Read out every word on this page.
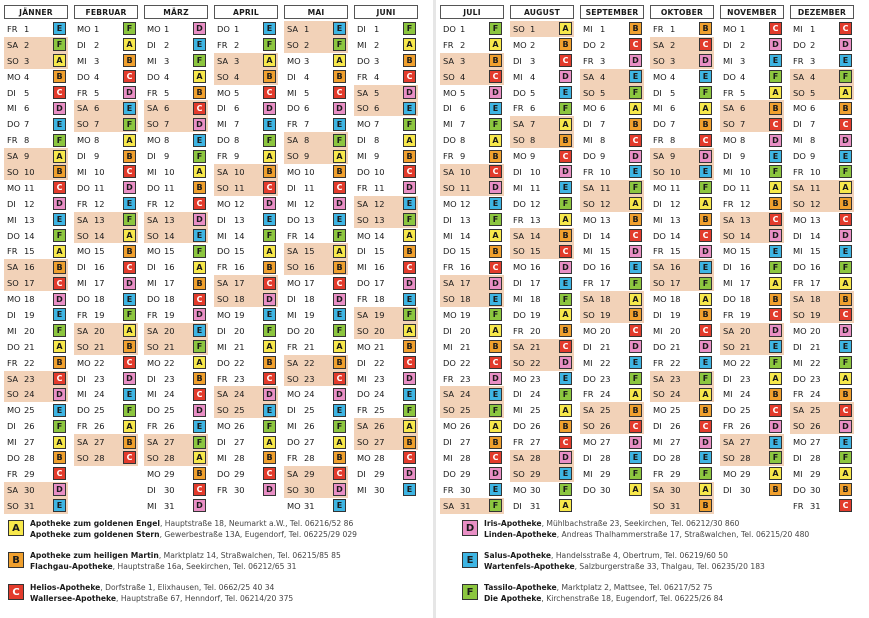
JÄNNER
FR 1	E
SA 2	F
SO 3	A
MO 4	B
DI 5	C
MI 6	D
DO 7	E
FR 8	F
SA 9	A
SO 10	B
MO 11	C
DI 12	D
MI 13	E
DO 14	F
FR 15	A
SA 16	B
SO 17	C
MO 18	D
DI 19	E
MI 20	F
DO 21	A
FR 22	B
SA 23	C
SO 24	D
MO 25	E
DI 26	F
MI 27	A
DO 28	B
FR 29	C
SA 30	D
SO 31	E
FEBRUAR
MO 1	F
DI 2	A
MI 3	B
DO 4	C
FR 5	D
SA 6	E
SO 7	F
MO 8	A
DI 9	B
MI 10	C
DO 11	D
FR 12	E
SA 13	F
SO 14	A
MO 15	B
DI 16	C
MI 17	D
DO 18	E
FR 19	F
SA 20	A
SO 21	B
MO 22	C
DI 23	D
MI 24	E
DO 25	F
FR 26	A
SA 27	B
SO 28	C
MÄRZ
MO 1	D
DI 2	E
MI 3	F
DO 4	A
FR 5	B
SA 6	C
SO 7	D
MO 8	E
DI 9	F
MI 10	A
DO 11	B
FR 12	C
SA 13	D
SO 14	E
MO 15	F
DI 16	A
MI 17	B
DO 18	C
FR 19	D
SA 20	E
SO 21	F
MO 22	A
DI 23	B
MI 24	C
DO 25	D
FR 26	E
SA 27	F
SO 28	A
MO 29	B
DI 30	C
MI 31	D
APRIL
DO 1	E
FR 2	F
SA 3	A
SO 4	B
MO 5	C
DI 6	D
MI 7	E
DO 8	F
FR 9	A
SA 10	B
SO 11	C
MO 12	D
DI 13	E
MI 14	F
DO 15	A
FR 16	B
SA 17	C
SO 18	D
MO 19	E
DI 20	F
MI 21	A
DO 22	B
FR 23	C
SA 24	D
SO 25	E
MO 26	F
DI 27	A
MI 28	B
DO 29	C
FR 30	D
MAI
SA 1	E
SO 2	F
MO 3	A
DI 4	B
MI 5	C
DO 6	D
FR 7	E
SA 8	F
SO 9	A
MO 10	B
DI 11	C
MI 12	D
DO 13	E
FR 14	F
SA 15	A
SO 16	B
MO 17	C
DI 18	D
MI 19	E
DO 20	F
FR 21	A
SA 22	B
SO 23	C
MO 24	D
DI 25	E
MI 26	F
DO 27	A
FR 28	B
SA 29	C
SO 30	D
MO 31	E
JUNI
DI 1	F
MI 2	A
DO 3	B
FR 4	C
SA 5	D
SO 6	E
MO 7	F
DI 8	A
MI 9	B
DO 10	C
FR 11	D
SA 12	E
SO 13	F
MO 14	A
DI 15	B
MI 16	C
DO 17	D
FR 18	E
SA 19	F
SO 20	A
MO 21	B
DI 22	C
MI 23	D
DO 24	E
FR 25	F
SA 26	A
SO 27	B
MO 28	C
DI 29	D
MI 30	E
A	Apotheke zum goldenen Engel, Hauptstraße 18, Neumarkt a.W., Tel. 06216/52 86
Apotheke zum goldenen Stern, Gewerbestraße 13A, Eugendorf, Tel. 06225/29 029
B	Apotheke zum heiligen Martin, Marktplatz 14, Straßwalchen, Tel. 06215/85 85
Flachgau-Apotheke, Hauptstraße 16a, Seekirchen, Tel. 06212/65 31
C	Helios-Apotheke, Dorfstraße 1, Elixhausen, Tel. 0662/25 40 34
Wallersee-Apotheke, Hauptstraße 67, Henndorf, Tel. 06214/20 375
JULI
DO 1	F
FR 2	A
SA 3	B
SO 4	C
MO 5	D
DI 6	E
MI 7	F
DO 8	A
FR 9	B
SA 10	C
SO 11	D
MO 12	E
DI 13	F
MI 14	A
DO 15	B
FR 16	C
SA 17	D
SO 18	E
MO 19	F
DI 20	A
MI 21	B
DO 22	C
FR 23	D
SA 24	E
SO 25	F
MO 26	A
DI 27	B
MI 28	C
DO 29	D
FR 30	E
SA 31	F
AUGUST
SO 1	A
MO 2	B
DI 3	C
MI 4	D
DO 5	E
FR 6	F
SA 7	A
SO 8	B
MO 9	C
DI 10	D
MI 11	E
DO 12	F
FR 13	A
SA 14	B
SO 15	C
MO 16	D
DI 17	E
MI 18	F
DO 19	A
FR 20	B
SA 21	C
SO 22	D
MO 23	E
DI 24	F
MI 25	A
DO 26	B
FR 27	C
SA 28	D
SO 29	E
MO 30	F
DI 31	A
SEPTEMBER
MI 1	B
DO 2	C
FR 3	D
SA 4	E
SO 5	F
MO 6	A
DI 7	B
MI 8	C
DO 9	D
FR 10	E
SA 11	F
SO 12	A
MO 13	B
DI 14	C
MI 15	D
DO 16	E
FR 17	F
SA 18	A
SO 19	B
MO 20	C
DI 21	D
MI 22	E
DO 23	F
FR 24	A
SA 25	B
SO 26	C
MO 27	D
DI 28	E
MI 29	F
DO 30	A
OKTOBER
FR 1	B
SA 2	C
SO 3	D
MO 4	E
DI 5	F
MI 6	A
DO 7	B
FR 8	C
SA 9	D
SO 10	E
MO 11	F
DI 12	A
MI 13	B
DO 14	C
FR 15	D
SA 16	E
SO 17	F
MO 18	A
DI 19	B
MI 20	C
DO 21	D
FR 22	E
SA 23	F
SO 24	A
MO 25	B
DI 26	C
MI 27	D
DO 28	E
FR 29	F
SA 30	A
SO 31	B
NOVEMBER
MO 1	C
DI 2	D
MI 3	E
DO 4	F
FR 5	A
SA 6	B
SO 7	C
MO 8	D
DI 9	E
MI 10	F
DO 11	A
FR 12	B
SA 13	C
SO 14	D
MO 15	E
DI 16	F
MI 17	A
DO 18	B
FR 19	C
SA 20	D
SO 21	E
MO 22	F
DI 23	A
MI 24	B
DO 25	C
FR 26	D
SA 27	E
SO 28	F
MO 29	A
DI 30	B
DEZEMBER
MI 1	C
DO 2	D
FR 3	E
SA 4	F
SO 5	A
MO 6	B
DI 7	C
MI 8	D
DO 9	E
FR 10	F
SA 11	A
SO 12	B
MO 13	C
DI 14	D
MI 15	E
DO 16	F
FR 17	A
SA 18	B
SO 19	C
MO 20	D
DI 21	E
MI 22	F
DO 23	A
FR 24	B
SA 25	C
SO 26	D
MO 27	E
DI 28	F
MI 29	A
DO 30	B
FR 31	C
D	Iris-Apotheke, Mühlbachstraße 23, Seekirchen, Tel. 06212/30 860
Linden-Apotheke, Andreas Thalhammerstraße 17, Straßwalchen, Tel. 06215/20 480
E	Salus-Apotheke, Handelsstraße 4, Obertrum, Tel. 06219/60 50
Wartenfels-Apotheke, Salzburgerstraße 33, Thalgau, Tel. 06235/20 183
F	Tassilo-Apotheke, Marktplatz 2, Mattsee, Tel. 06217/52 75
Die Apotheke, Kirchenstraße 18, Eugendorf, Tel. 06225/26 84
